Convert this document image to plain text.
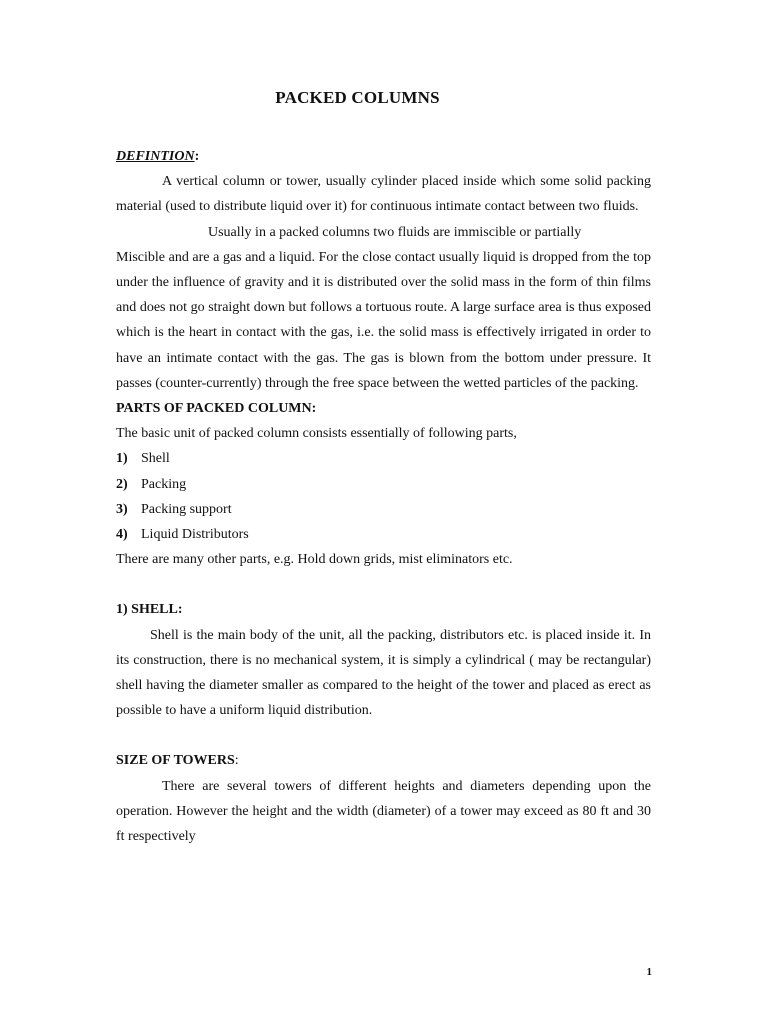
PACKED COLUMNS

DEFINTION:

A vertical column or tower, usually cylinder placed inside which some solid packing material (used to distribute liquid over it) for continuous intimate contact between two fluids.

Usually in a packed columns two fluids are immiscible or partially

Miscible and are a gas and a liquid. For the close contact usually liquid is dropped from the top under the influence of gravity and it is distributed over the solid mass in the form of thin films and does not go straight down but follows a tortuous route. A large surface area is thus exposed which is the heart in contact with the gas, i.e. the solid mass is effectively irrigated in order to have an intimate contact with the gas. The gas is blown from the bottom under pressure. It passes (counter-currently) through the free space between the wetted particles of the packing.

PARTS OF PACKED COLUMN:

The basic unit of packed column consists essentially of following parts,

1) Shell
2) Packing
3) Packing support
4) Liquid Distributors

There are many other parts, e.g. Hold down grids, mist eliminators etc.

1) SHELL:

Shell is the main body of the unit, all the packing, distributors etc. is placed inside it. In its construction, there is no mechanical system, it is simply a cylindrical ( may be rectangular) shell having the diameter smaller as compared to the height of the tower and placed as erect as possible to have a uniform liquid distribution.

SIZE OF TOWERS:

There are several towers of different heights and diameters depending upon the operation. However the height and the width (diameter) of a tower may exceed as 80 ft and 30 ft respectively

1
